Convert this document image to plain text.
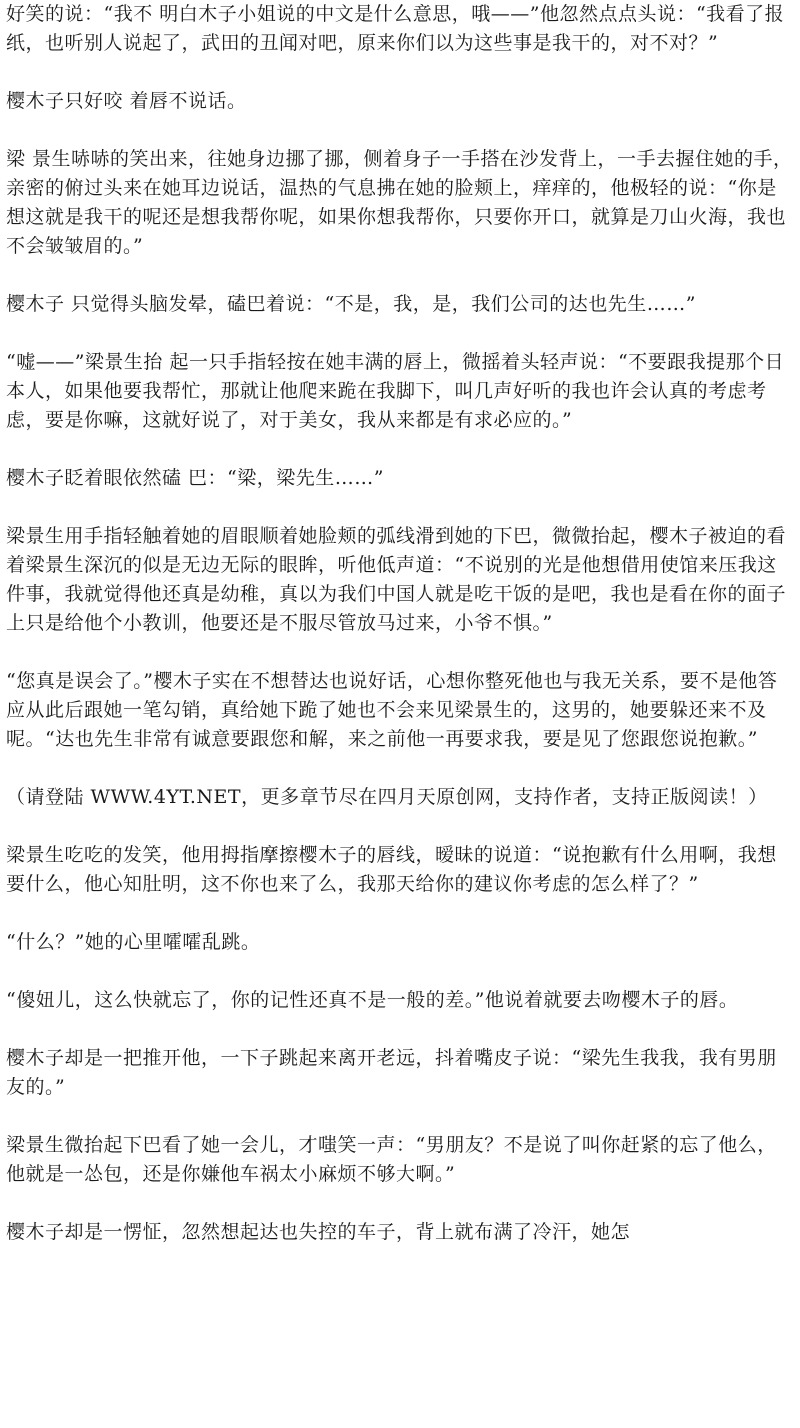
好笑的说：“我不 明白木子小姐说的中文是什么意思，哦——”他忽然点点头说：“我看了报纸，也听别人说起了，武田的丑闻对吧，原来你们以为这些事是我干的，对不对？”

樱木子只好咬 着唇不说话。

梁 景生哧哧的笑出来，往她身边挪了挪，侧着身子一手搭在沙发背上，一手去握住她的手，亲密的俯过头来在她耳边说话，温热的气息拂在她的脸颊上，痒痒的，他极轻的说：“你是想这就是我干的呢还是想我帮你呢，如果你想我帮你，只要你开口，就算是刀山火海，我也不会皱皱眉的。”

樱木子 只觉得头脑发晕，磕巴着说：“不是，我，是，我们公司的达也先生……”

“嘘——”梁景生抬 起一只手指轻按在她丰满的唇上，微摇着头轻声说：“不要跟我提那个日本人，如果他要我帮忙，那就让他爬来跪在我脚下，叫几声好听的我也许会认真的考虑考虑，要是你嘛，这就好说了，对于美女，我从来都是有求必应的。”

樱木子眨着眼依然磕 巴：“梁，梁先生……”

梁景生用手指轻触着她的眉眼顺着她脸颊的弧线滑到她的下巴，微微抬起，樱木子被迫的看着梁景生深沉的似是无边无际的眼眸，听他低声道：“不说别的光是他想借用使馆来压我这件事，我就觉得他还真是幼稚，真以为我们中国人就是吃干饭的是吧，我也是看在你的面子上只是给他个小教训，他要还是不服尽管放马过来，小爷不惧。”

“您真是误会了。”樱木子实在不想替达也说好话，心想你整死他也与我无关系，要不是他答应从此后跟她一笔勾销，真给她下跪了她也不会来见梁景生的，这男的，她要躲还来不及呢。“达也先生非常有诚意要跟您和解，来之前他一再要求我，要是见了您跟您说抱歉。”

（请登陆 WWW.4YT.NET，更多章节尽在四月天原创网，支持作者，支持正版阅读！）

梁景生吃吃的发笑，他用拇指摩擦樱木子的唇线，暧昧的说道：“说抱歉有什么用啊，我想要什么，他心知肚明，这不你也来了么，我那天给你的建议你考虑的怎么样了？”

“什么？”她的心里嚯嚯乱跳。

“傻妞儿，这么快就忘了，你的记性还真不是一般的差。”他说着就要去吻樱木子的唇。

樱木子却是一把推开他，一下子跳起来离开老远，抖着嘴皮子说：“梁先生我我，我有男朋友的。”

梁景生微抬起下巴看了她一会儿，才嗤笑一声：“男朋友？不是说了叫你赶紧的忘了他么，他就是一怂包，还是你嫌他车祸太小麻烦不够大啊。”

樱木子却是一愣怔，忽然想起达也失控的车子，背上就布满了冷汗，她怎
